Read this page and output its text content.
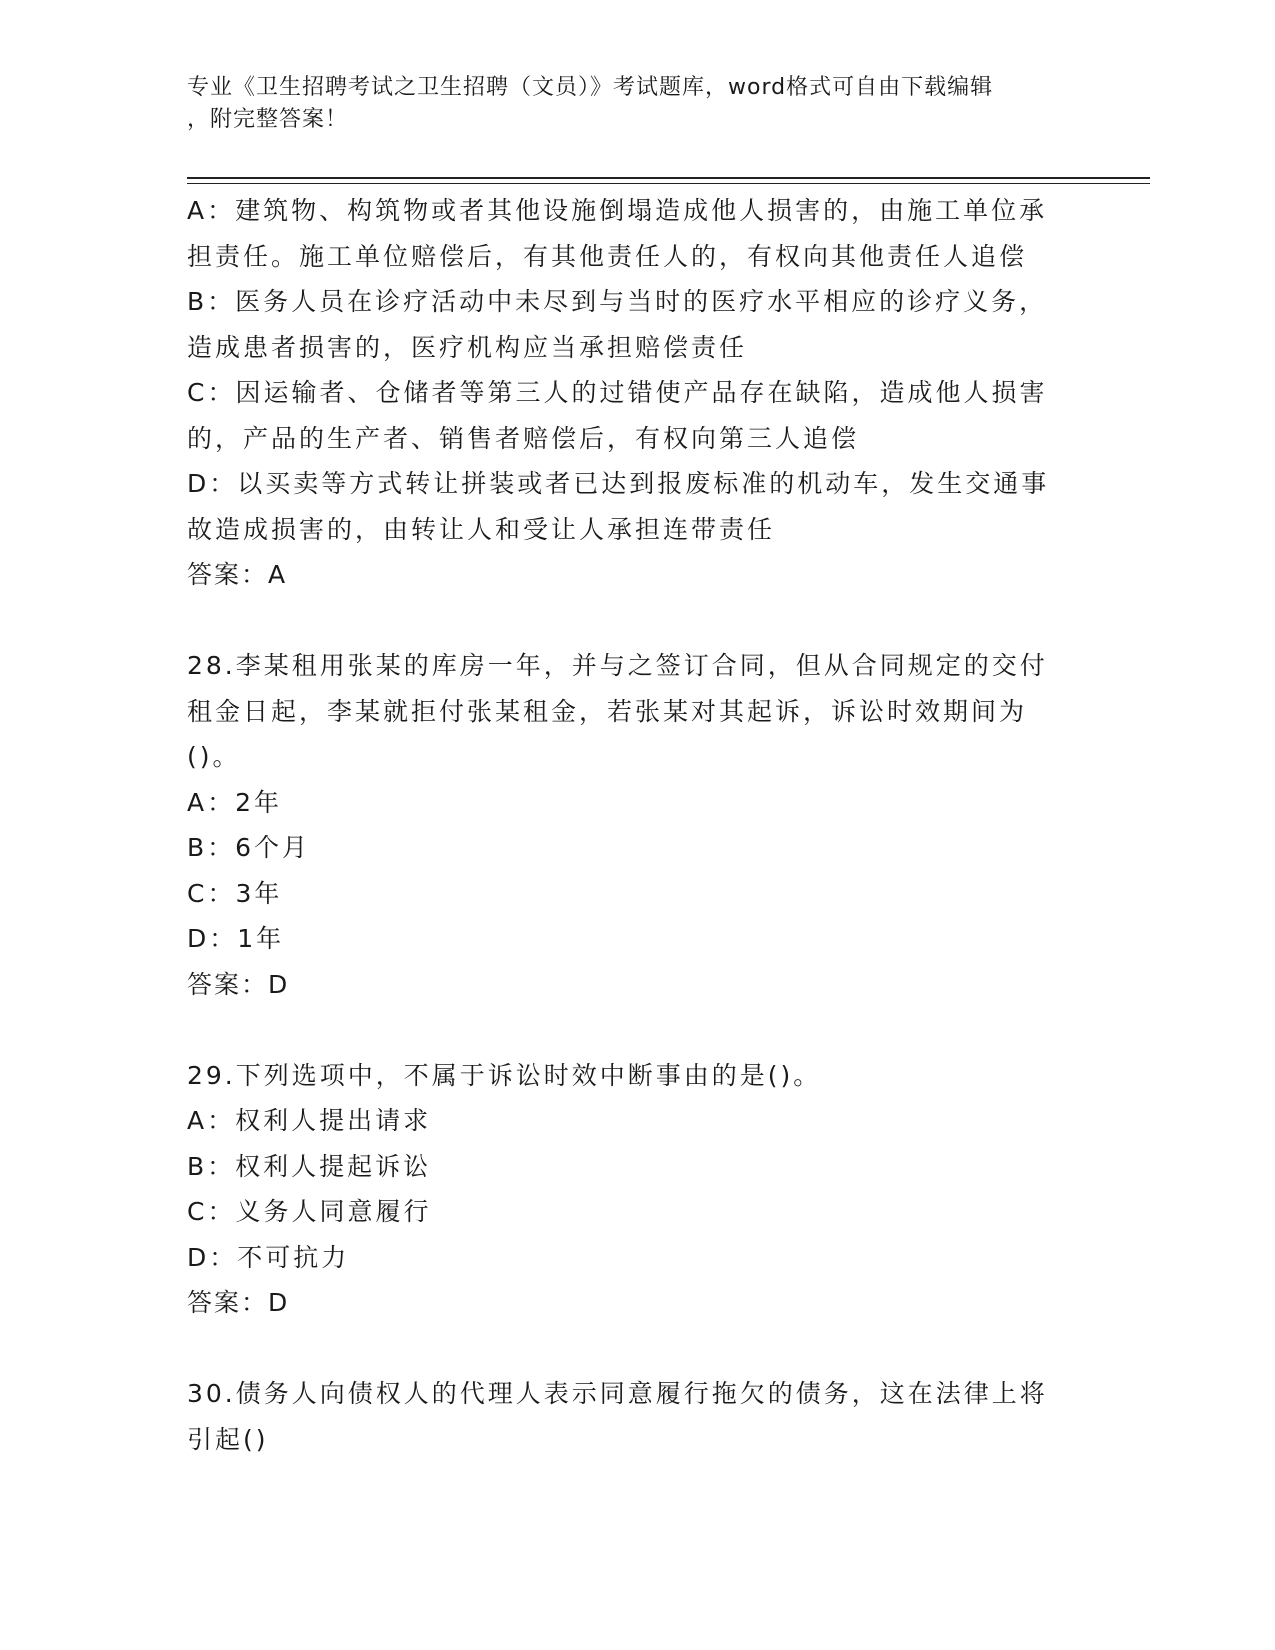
专业《卫生招聘考试之卫生招聘（文员）》考试题库，word格式可自由下载编辑
，附完整答案！
A：建筑物、构筑物或者其他设施倒塌造成他人损害的，由施工单位承
担责任。施工单位赔偿后，有其他责任人的，有权向其他责任人追偿
B：医务人员在诊疗活动中未尽到与当时的医疗水平相应的诊疗义务，
造成患者损害的，医疗机构应当承担赔偿责任
C：因运输者、仓储者等第三人的过错使产品存在缺陷，造成他人损害
的，产品的生产者、销售者赔偿后，有权向第三人追偿
D：以买卖等方式转让拼装或者已达到报废标准的机动车，发生交通事
故造成损害的，由转让人和受让人承担连带责任
答案：A
28.李某租用张某的库房一年，并与之签订合同，但从合同规定的交付
租金日起，李某就拒付张某租金，若张某对其起诉，诉讼时效期间为
()。
A：2年
B：6个月
C：3年
D：1年
答案：D
29.下列选项中，不属于诉讼时效中断事由的是()。
A：权利人提出请求
B：权利人提起诉讼
C：义务人同意履行
D：不可抗力
答案：D
30.债务人向债权人的代理人表示同意履行拖欠的债务，这在法律上将
引起()
